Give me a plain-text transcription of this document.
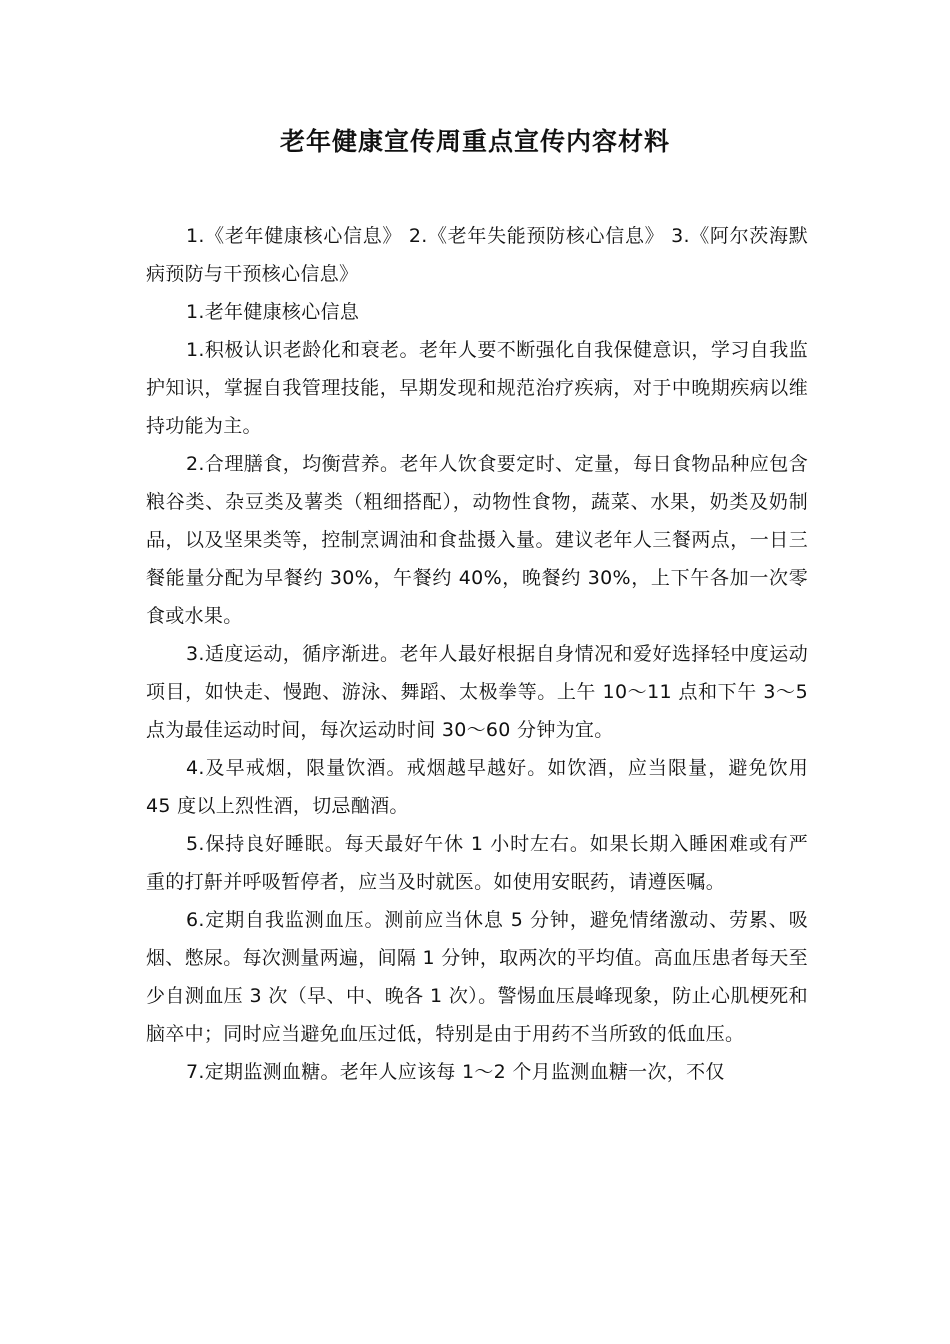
老年健康宣传周重点宣传内容材料

1.《老年健康核心信息》 2.《老年失能预防核心信息》 3.《阿尔茨海默病预防与干预核心信息》

1.老年健康核心信息

1.积极认识老龄化和衰老。老年人要不断强化自我保健意识，学习自我监护知识，掌握自我管理技能，早期发现和规范治疗疾病，对于中晚期疾病以维持功能为主。

2.合理膳食，均衡营养。老年人饮食要定时、定量，每日食物品种应包含粮谷类、杂豆类及薯类（粗细搭配），动物性食物，蔬菜、水果，奶类及奶制品，以及坚果类等，控制烹调油和食盐摄入量。建议老年人三餐两点，一日三餐能量分配为早餐约 30%，午餐约 40%，晚餐约 30%，上下午各加一次零食或水果。

3.适度运动，循序渐进。老年人最好根据自身情况和爱好选择轻中度运动项目，如快走、慢跑、游泳、舞蹈、太极拳等。上午 10～11 点和下午 3～5 点为最佳运动时间，每次运动时间 30～60 分钟为宜。

4.及早戒烟，限量饮酒。戒烟越早越好。如饮酒，应当限量，避免饮用 45 度以上烈性酒，切忌酗酒。

5.保持良好睡眠。每天最好午休 1 小时左右。如果长期入睡困难或有严重的打鼾并呼吸暂停者，应当及时就医。如使用安眠药，请遵医嘱。

6.定期自我监测血压。测前应当休息 5 分钟，避免情绪激动、劳累、吸烟、憋尿。每次测量两遍，间隔 1 分钟，取两次的平均值。高血压患者每天至少自测血压 3 次（早、中、晚各 1 次）。警惕血压晨峰现象，防止心肌梗死和脑卒中；同时应当避免血压过低，特别是由于用药不当所致的低血压。

7.定期监测血糖。老年人应该每 1～2 个月监测血糖一次，不仅
